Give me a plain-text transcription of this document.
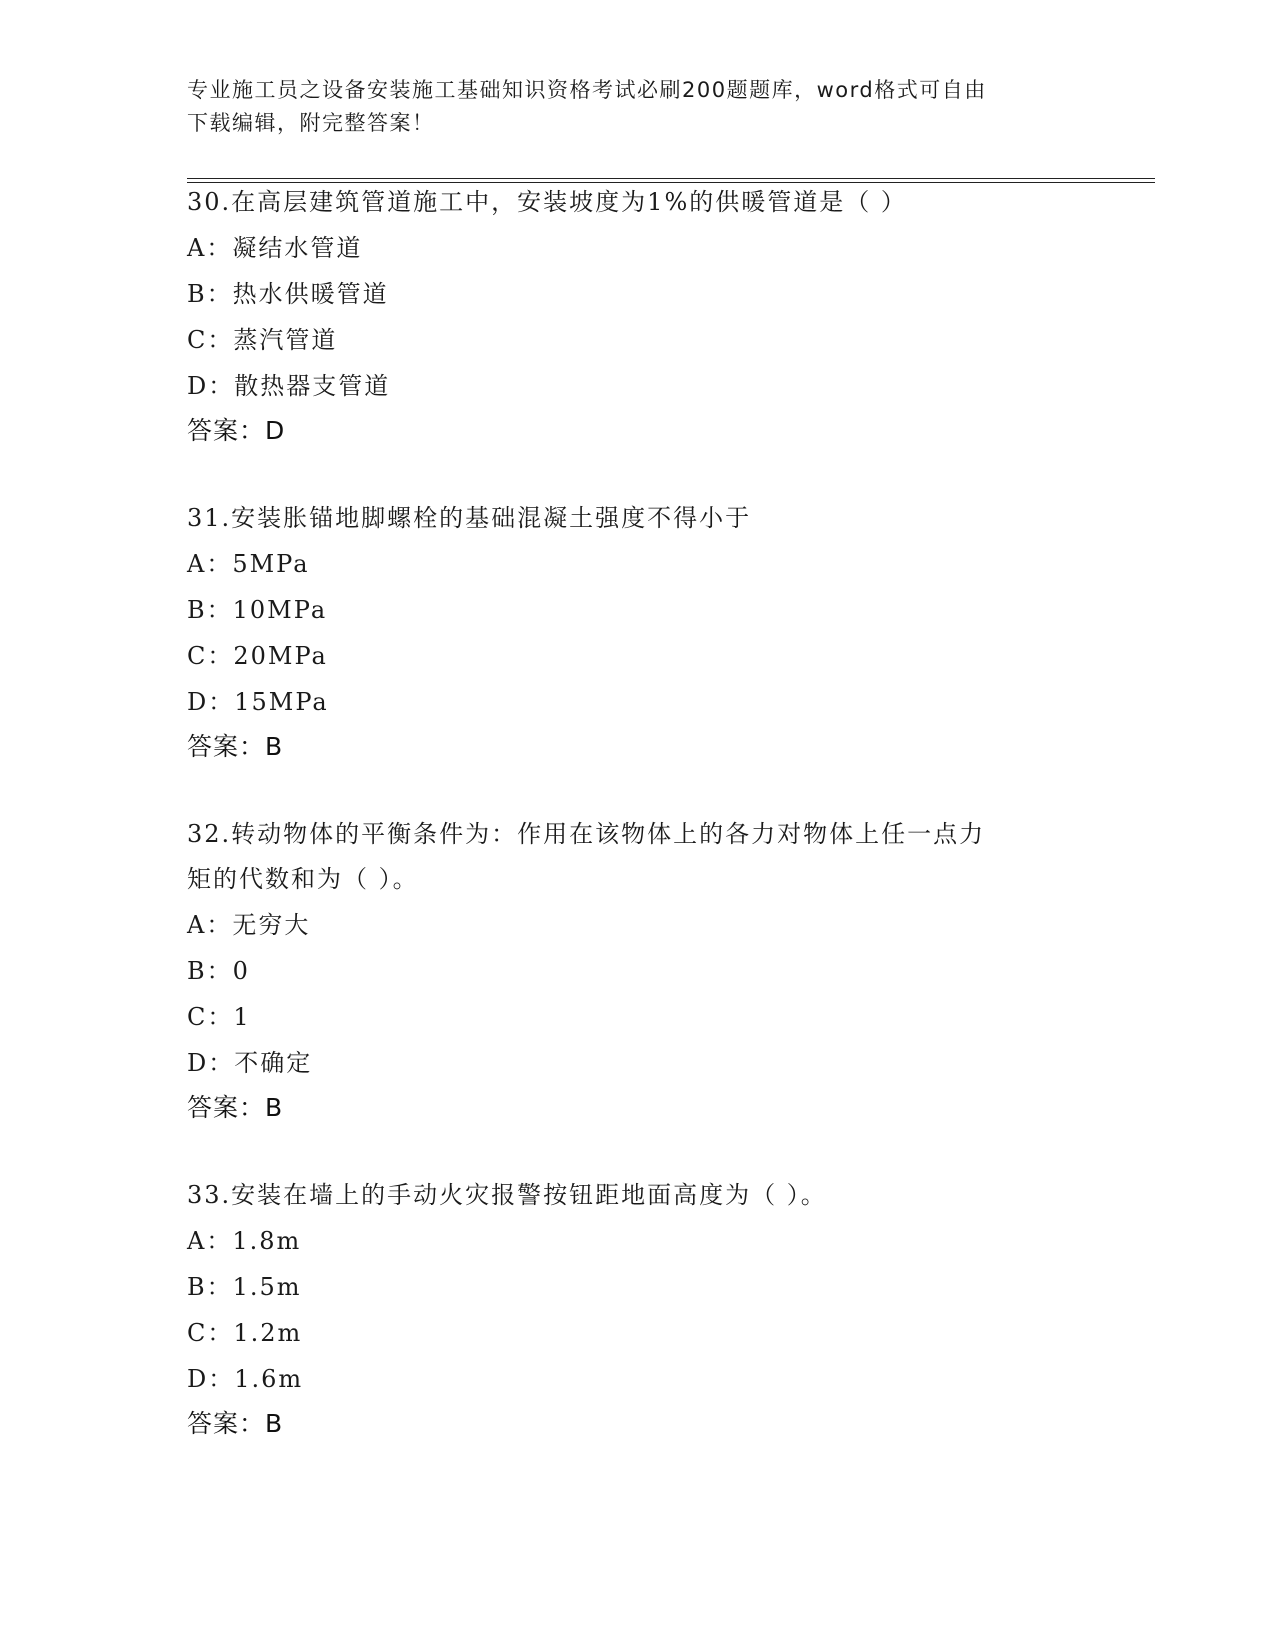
专业施工员之设备安装施工基础知识资格考试必刷200题题库，word格式可自由
下载编辑，附完整答案！
30.在高层建筑管道施工中，安装坡度为1%的供暖管道是（ ）
A：凝结水管道
B：热水供暖管道
C：蒸汽管道
D：散热器支管道
答案：D
31.安装胀锚地脚螺栓的基础混凝土强度不得小于
A：5MPa
B：10MPa
C：20MPa
D：15MPa
答案：B
32.转动物体的平衡条件为：作用在该物体上的各力对物体上任一点力
矩的代数和为（ ）。
A：无穷大
B：0
C：1
D：不确定
答案：B
33.安装在墙上的手动火灾报警按钮距地面高度为（ ）。
A：1.8m
B：1.5m
C：1.2m
D：1.6m
答案：B
